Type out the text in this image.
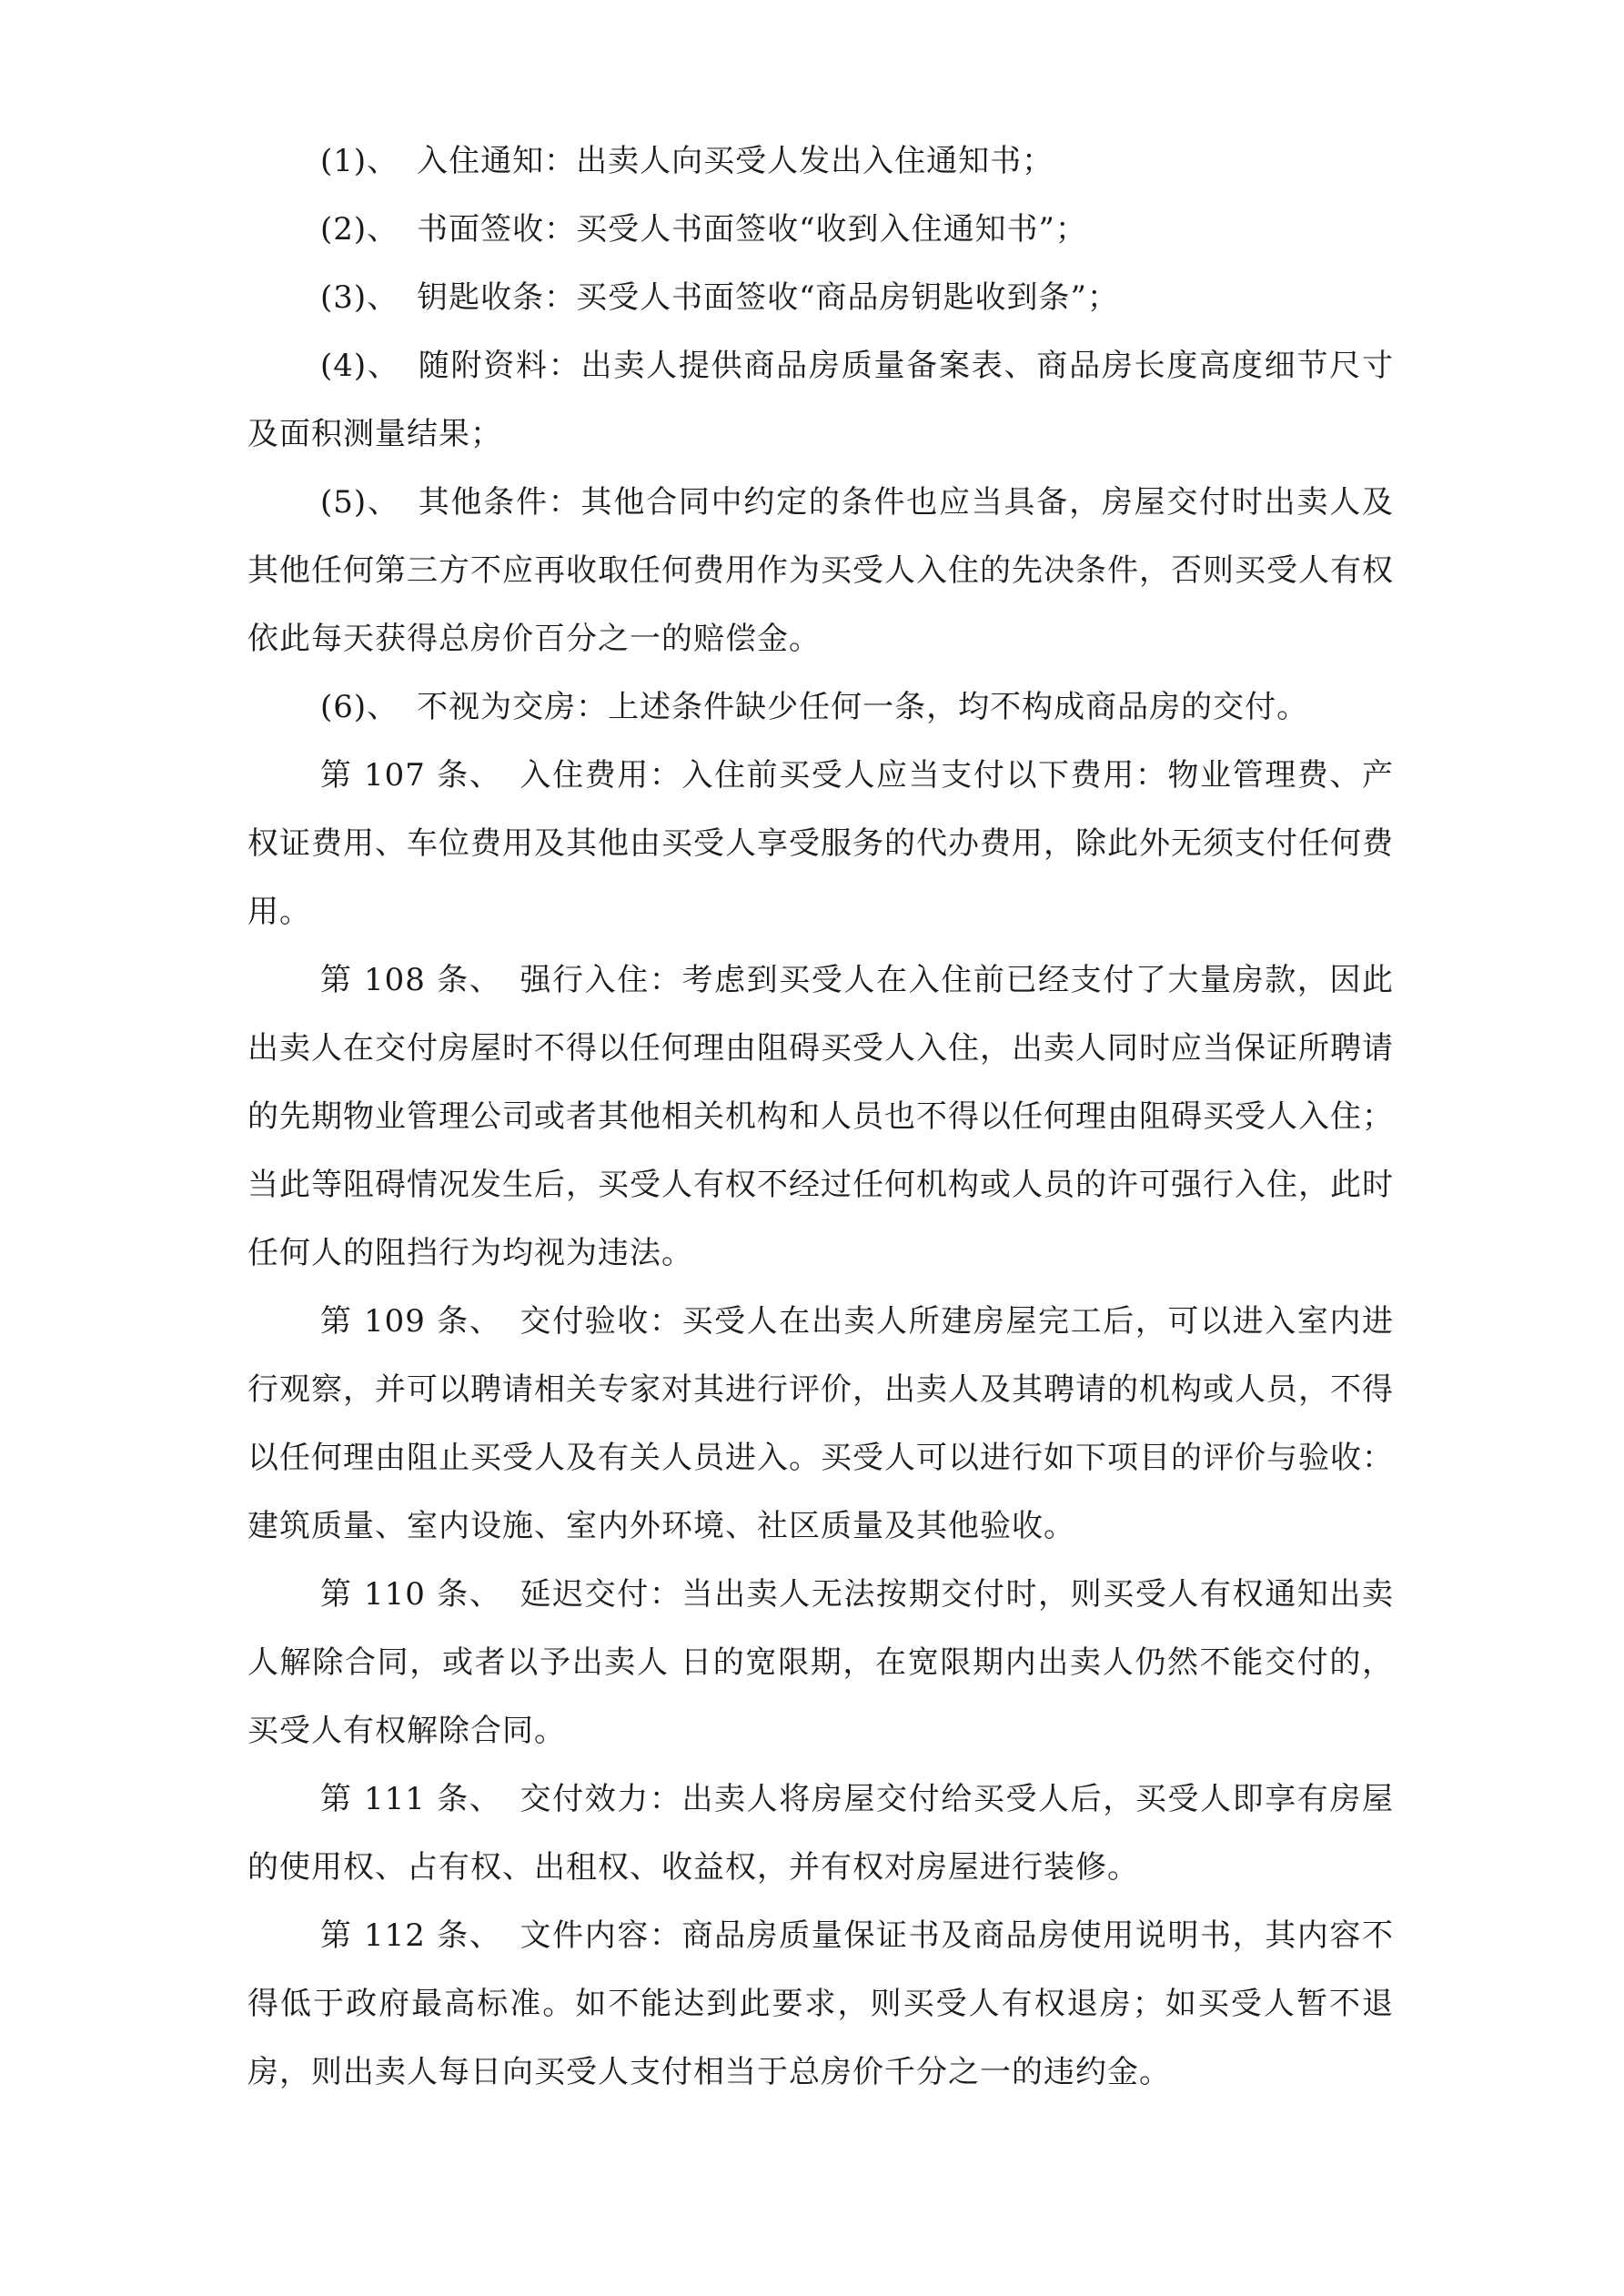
(1)、 入住通知：出卖人向买受人发出入住通知书；

(2)、 书面签收：买受人书面签收“收到入住通知书”；

(3)、 钥匙收条：买受人书面签收“商品房钥匙收到条”；

(4)、 随附资料：出卖人提供商品房质量备案表、商品房长度高度细节尺寸及面积测量结果；

(5)、 其他条件：其他合同中约定的条件也应当具备，房屋交付时出卖人及其他任何第三方不应再收取任何费用作为买受人入住的先决条件，否则买受人有权依此每天获得总房价百分之一的赔偿金。

(6)、 不视为交房：上述条件缺少任何一条，均不构成商品房的交付。

第 107 条、 入住费用：入住前买受人应当支付以下费用：物业管理费、产权证费用、车位费用及其他由买受人享受服务的代办费用，除此外无须支付任何费用。

第 108 条、 强行入住：考虑到买受人在入住前已经支付了大量房款，因此出卖人在交付房屋时不得以任何理由阻碍买受人入住，出卖人同时应当保证所聘请的先期物业管理公司或者其他相关机构和人员也不得以任何理由阻碍买受人入住；当此等阻碍情况发生后，买受人有权不经过任何机构或人员的许可强行入住，此时任何人的阻挡行为均视为违法。

第 109 条、 交付验收：买受人在出卖人所建房屋完工后，可以进入室内进行观察，并可以聘请相关专家对其进行评价，出卖人及其聘请的机构或人员，不得以任何理由阻止买受人及有关人员进入。买受人可以进行如下项目的评价与验收：建筑质量、室内设施、室内外环境、社区质量及其他验收。

第 110 条、 延迟交付：当出卖人无法按期交付时，则买受人有权通知出卖人解除合同，或者以予出卖人 日的宽限期，在宽限期内出卖人仍然不能交付的，买受人有权解除合同。

第 111 条、 交付效力：出卖人将房屋交付给买受人后，买受人即享有房屋的使用权、占有权、出租权、收益权，并有权对房屋进行装修。

第 112 条、 文件内容：商品房质量保证书及商品房使用说明书，其内容不得低于政府最高标准。如不能达到此要求，则买受人有权退房；如买受人暂不退房，则出卖人每日向买受人支付相当于总房价千分之一的违约金。
